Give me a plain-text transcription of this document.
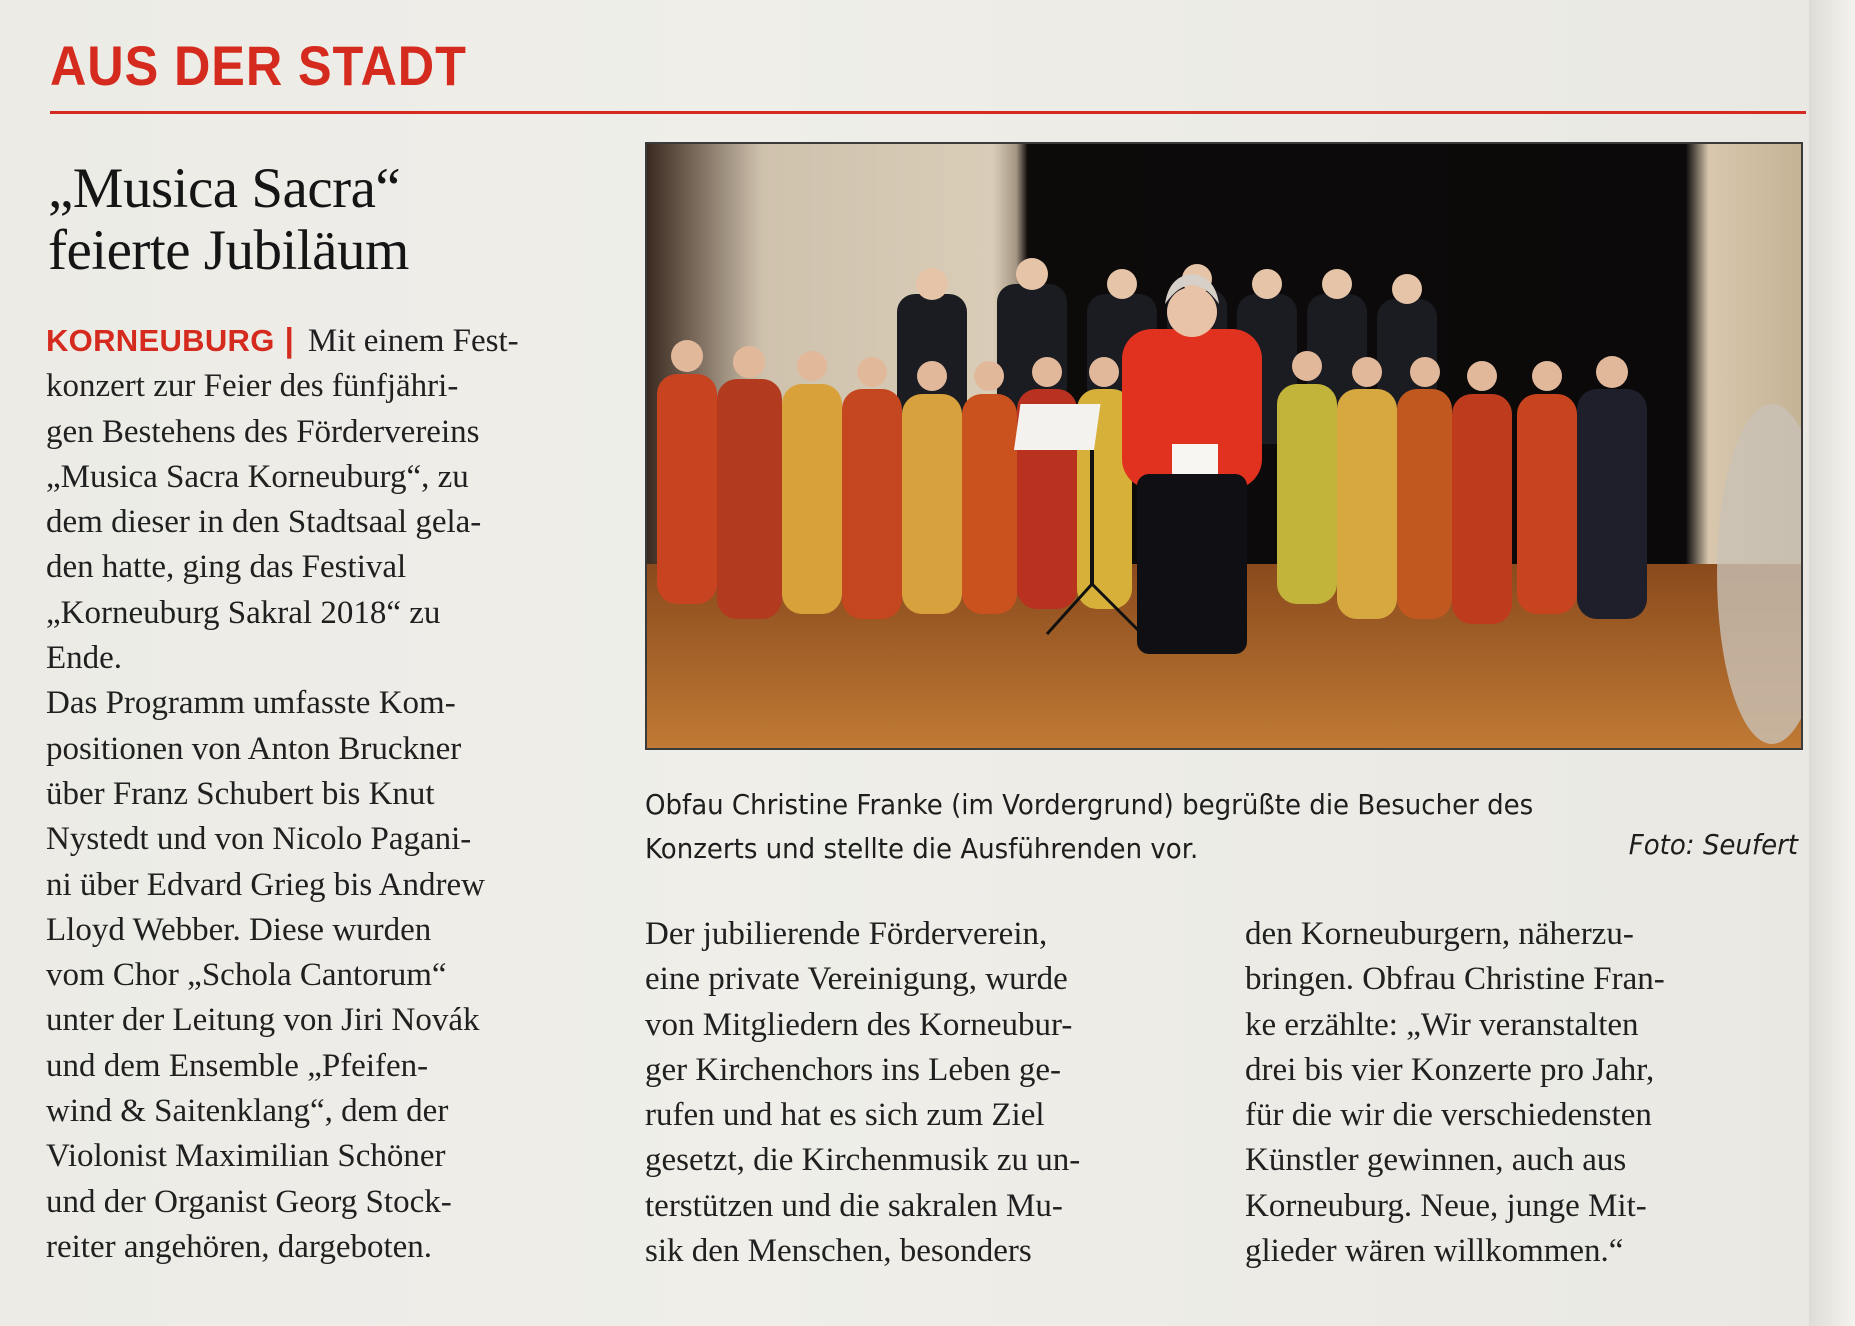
AUS DER STADT
„Musica Sacra“
feierte Jubiläum
KORNEUBURG | Mit einem Fest-
konzert zur Feier des fünfjähri-
gen Bestehens des Fördervereins
„Musica Sacra Korneuburg“, zu
dem dieser in den Stadtsaal gela-
den hatte, ging das Festival
„Korneuburg Sakral 2018“ zu
Ende.
Das Programm umfasste Kom-
positionen von Anton Bruckner
über Franz Schubert bis Knut
Nystedt und von Nicolo Pagani-
ni über Edvard Grieg bis Andrew
Lloyd Webber. Diese wurden
vom Chor „Schola Cantorum“
unter der Leitung von Jiri Novák
und dem Ensemble „Pfeifen-
wind & Saitenklang“, dem der
Violonist Maximilian Schöner
und der Organist Georg Stock-
reiter angehören, dargeboten.
Obfau Christine Franke (im Vordergrund) begrüßte die Besucher des
Konzerts und stellte die Ausführenden vor.	Foto: Seufert
Der jubilierende Förderverein,
eine private Vereinigung, wurde
von Mitgliedern des Korneubur-
ger Kirchenchors ins Leben ge-
rufen und hat es sich zum Ziel
gesetzt, die Kirchenmusik zu un-
terstützen und die sakralen Mu-
sik den Menschen, besonders
den Korneuburgern, näherzu-
bringen. Obfrau Christine Fran-
ke erzählte: „Wir veranstalten
drei bis vier Konzerte pro Jahr,
für die wir die verschiedensten
Künstler gewinnen, auch aus
Korneuburg. Neue, junge Mit-
glieder wären willkommen.“
